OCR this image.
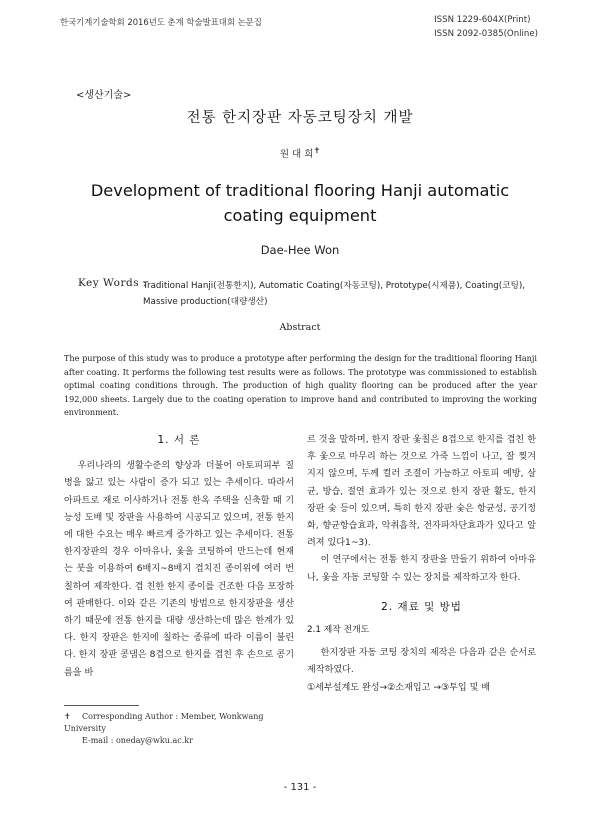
한국기계기술학회 2016년도 춘계 학술발표대회 논문집	ISSN 1229-604X(Print)
ISSN 2092-0385(Online)
<생산기술>
전통 한지장판 자동코팅장치 개발
원 대 희✝
Development of traditional flooring Hanji automatic coating equipment
Dae-Hee Won
Key Words :
Traditional Hanji(전통한지), Automatic Coating(자동코팅), Prototype(시제품), Coating(코팅), Massive production(대량생산)
Abstract
The purpose of this study was to produce a prototype after performing the design for the traditional flooring Hanji after coating. It performs the following test results were as follows. The prototype was commissioned to establish optimal coating conditions through. The production of high quality flooring can be produced after the year 192,000 sheets. Largely due to the coating operation to improve hand and contributed to improving the working environment.
1. 서 론

우리나라의 생활수준의 향상과 더불어 아토피피부 질병을 앓고 있는 사람이 증가 되고 있는 추세이다. 따라서 아파트로 재로 이사하거나 전통 한옥 주택을 신축할 때 기능성 도배 및 장판을 사용하여 시공되고 있으며, 전통 한지에 대한 수요는 매우 빠르게 증가하고 있는 추세이다. 전통 한지장판의 경우 아마유나, 옻을 코팅하여 만드는데 현재는 붓을 이용하여 6배지~8배지 겹치진 종이위에 여러 번 칠하여 제작한다. 겹 친한 한지 종이를 건조한 다음 포장하여 판매한다. 이와 같은 기존의 방법으로 한지장판을 생산하기 때문에 전통 한지를 대량 생산하는데 많은 한계가 있다. 한지 장판은 한지에 칠하는 종류에 따라 이름이 불린다. 한지 장판 콩댐은 8겹으로 한지를 겹친 후 손으로 콩기름을 바

르 것을 말하며, 한지 장판 옻칠은 8겹으로 한지를 겹친 한 후 옻으로 마무리 하는 것으로 가죽 느낌이 나고, 잘 찢겨지지 않으며, 두께 컬러 조절이 가능하고 아토피 예방, 살균, 방습, 절연 효과가 있는 것으로 한지 장판 활도, 한지 장판 숯 등이 있으며, 특히 한지 장판 숯은 항균성, 공기정화, 향균항습효과, 악취흡착, 전자파차단효과가 있다고 알려져 있다1~3).

이 연구에서는 전통 한지 장판을 만들기 위하여 아마유나, 옻을 자동 코팅할 수 있는 장치를 제작하고자 한다.

2. 재료 및 방법
2.1 제작 전개도

한지장판 자동 코팅 장치의 제작은 다음과 같은 순서로 제작하였다.

①세부설계도 완성→②소재입고 →③투입 및 배

✝ Corresponding Author : Member, Wonkwang University
E-mail : oneday@wku.ac.kr
- 131 -
